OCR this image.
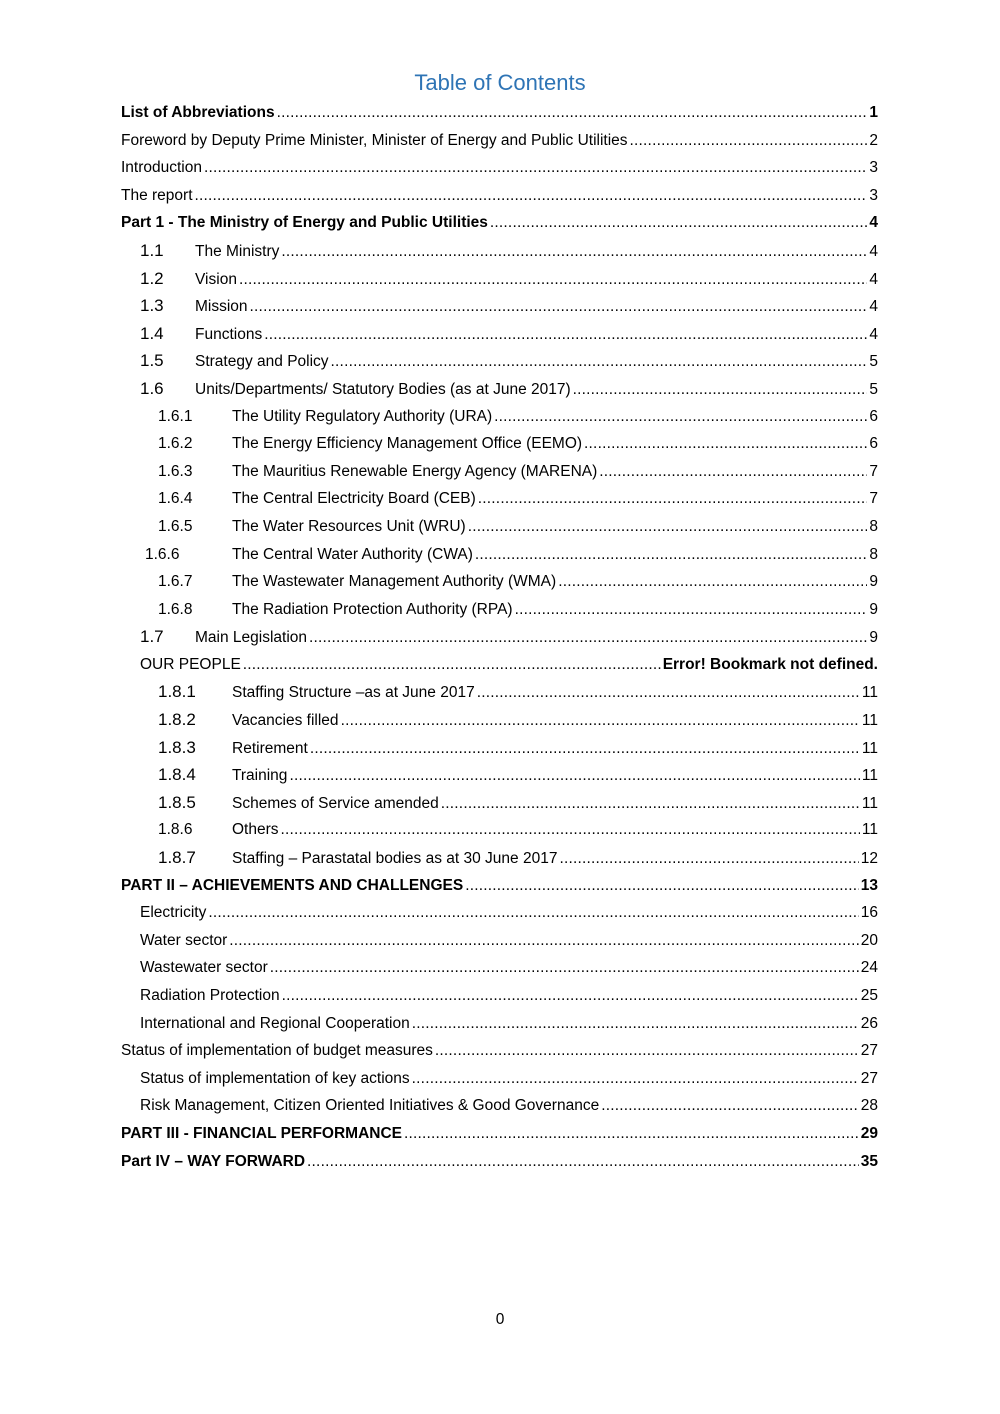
Table of Contents
List of Abbreviations .....	1
Foreword by Deputy Prime Minister, Minister of Energy and Public Utilities .....	2
Introduction .....	3
The report .....	3
Part 1 - The Ministry of Energy and Public Utilities .....	4
1.1	The Ministry .....	4
1.2	Vision .....	4
1.3	Mission .....	4
1.4	Functions .....	4
1.5	Strategy and Policy .....	5
1.6	Units/Departments/ Statutory Bodies (as at June 2017) .....	5
1.6.1	The Utility Regulatory Authority (URA) .....	6
1.6.2	The Energy Efficiency Management Office (EEMO) .....	6
1.6.3	The Mauritius Renewable Energy Agency (MARENA) .....	7
1.6.4	The Central Electricity Board (CEB) .....	7
1.6.5	The Water Resources Unit (WRU) .....	8
1.6.6	The Central Water Authority (CWA) .....	8
1.6.7	The Wastewater Management Authority (WMA) .....	9
1.6.8	The Radiation Protection Authority (RPA) .....	9
1.7	Main Legislation .....	9
OUR PEOPLE .....	Error! Bookmark not defined.
1.8.1	Staffing Structure –as at June 2017 .....	11
1.8.2	Vacancies filled .....	11
1.8.3	Retirement .....	11
1.8.4	Training .....	11
1.8.5	Schemes of Service amended .....	11
1.8.6	Others .....	11
1.8.7	Staffing – Parastatal bodies as at 30 June 2017 .....	12
PART II – ACHIEVEMENTS AND CHALLENGES .....	13
Electricity .....	16
Water sector .....	20
Wastewater sector .....	24
Radiation Protection .....	25
International and Regional Cooperation .....	26
Status of implementation of budget measures .....	27
Status of implementation of key actions .....	27
Risk Management, Citizen Oriented Initiatives & Good Governance .....	28
PART III - FINANCIAL PERFORMANCE .....	29
Part IV – WAY FORWARD .....	35
0
